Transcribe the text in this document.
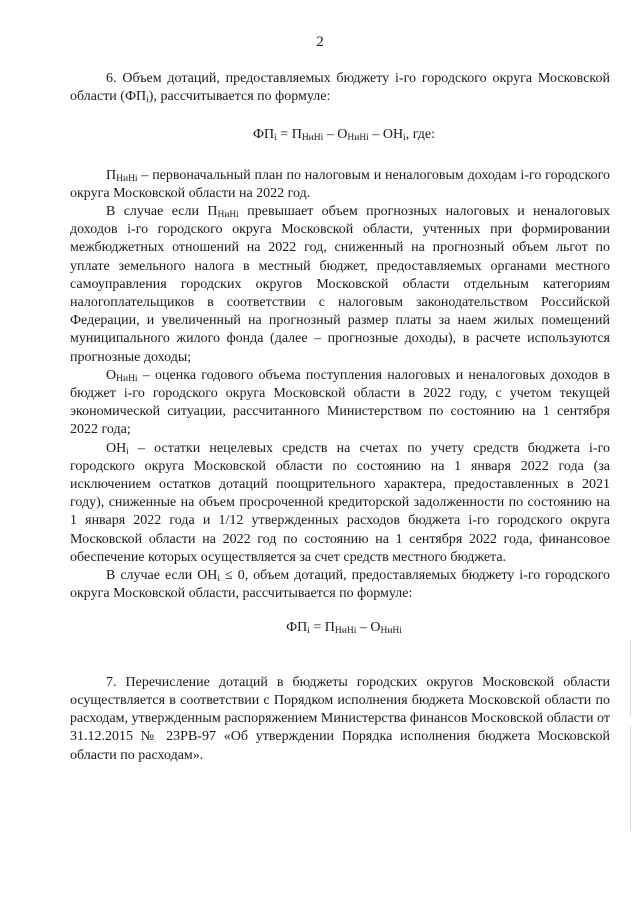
2

6. Объем дотаций, предоставляемых бюджету i-го городского округа Московской области $(ФП_i)$, рассчитывается по формуле:

$ФП_i = П_{НиНi} - О_{НиНi} - ОН_i$, где:

$П_{НиНi}$ – первоначальный план по налоговым и неналоговым доходам i-го городского округа Московской области на 2022 год.

В случае если $П_{НиНi}$ превышает объем прогнозных налоговых и неналоговых доходов i-го городского округа Московской области, учтенных при формировании межбюджетных отношений на 2022 год, сниженный на прогнозный объем льгот по уплате земельного налога в местный бюджет, предоставляемых органами местного самоуправления городских округов Московской области отдельным категориям налогоплательщиков в соответствии с налоговым законодательством Российской Федерации, и увеличенный на прогнозный размер платы за наем жилых помещений муниципального жилого фонда (далее – прогнозные доходы), в расчете используются прогнозные доходы;

$О_{НиНi}$ – оценка годового объема поступления налоговых и неналоговых доходов в бюджет i-го городского округа Московской области в 2022 году, с учетом текущей экономической ситуации, рассчитанного Министерством по состоянию на 1 сентября 2022 года;

$ОН_i$ – остатки нецелевых средств на счетах по учету средств бюджета i-го городского округа Московской области по состоянию на 1 января 2022 года (за исключением остатков дотаций поощрительного характера, предоставленных в 2021 году), сниженные на объем просроченной кредиторской задолженности по состоянию на 1 января 2022 года и 1/12 утвержденных расходов бюджета i-го городского округа Московской области на 2022 год по состоянию на 1 сентября 2022 года, финансовое обеспечение которых осуществляется за счет средств местного бюджета.

В случае если $ОН_i \le 0$, объем дотаций, предоставляемых бюджету i-го городского округа Московской области, рассчитывается по формуле:

$ФП_i = П_{НиНi} - О_{НиНi}$

7. Перечисление дотаций в бюджеты городских округов Московской области осуществляется в соответствии с Порядком исполнения бюджета Московской области по расходам, утвержденным распоряжением Министерства финансов Московской области от 31.12.2015 № 23РВ-97 «Об утверждении Порядка исполнения бюджета Московской области по расходам».
